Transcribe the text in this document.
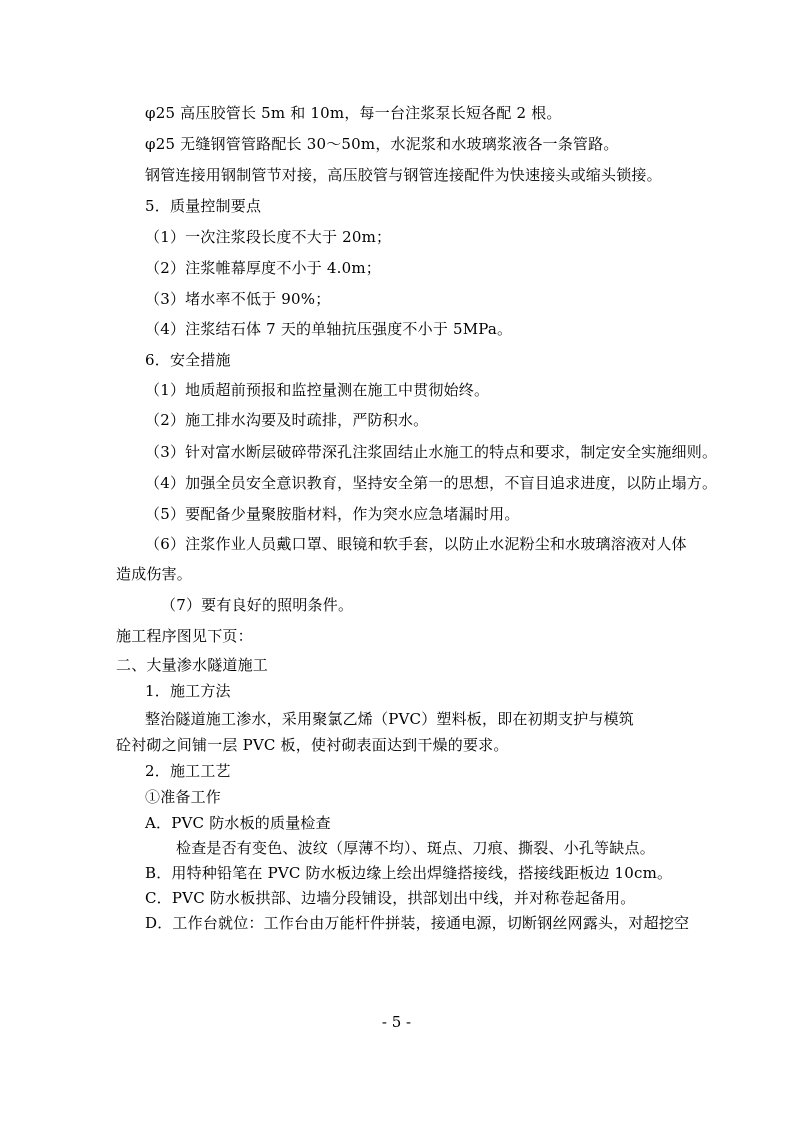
φ25 高压胶管长 5m 和 10m，每一台注浆泵长短各配 2 根。
φ25 无缝钢管管路配长 30～50m，水泥浆和水玻璃浆液各一条管路。
钢管连接用钢制管节对接，高压胶管与钢管连接配件为快速接头或缩头锁接。
5．质量控制要点
（1）一次注浆段长度不大于 20m；
（2）注浆帷幕厚度不小于 4.0m；
（3）堵水率不低于 90%；
（4）注浆结石体 7 天的单轴抗压强度不小于 5MPa。
6．安全措施
（1）地质超前预报和监控量测在施工中贯彻始终。
（2）施工排水沟要及时疏排，严防积水。
（3）针对富水断层破碎带深孔注浆固结止水施工的特点和要求，制定安全实施细则。
（4）加强全员安全意识教育，坚持安全第一的思想，不盲目追求进度，以防止塌方。
（5）要配备少量聚胺脂材料，作为突水应急堵漏时用。
（6）注浆作业人员戴口罩、眼镜和软手套，以防止水泥粉尘和水玻璃溶液对人体
造成伤害。
（7）要有良好的照明条件。
施工程序图见下页：
二、大量渗水隧道施工
1．施工方法
整治隧道施工渗水，采用聚氯乙烯（PVC）塑料板，即在初期支护与模筑
砼衬砌之间铺一层 PVC 板，使衬砌表面达到干燥的要求。
2．施工工艺
①准备工作
A．PVC 防水板的质量检查
检查是否有变色、波纹（厚薄不均）、斑点、刀痕、撕裂、小孔等缺点。
B．用特种铅笔在 PVC 防水板边缘上绘出焊缝搭接线，搭接线距板边 10cm。
C．PVC 防水板拱部、边墙分段铺设，拱部划出中线，并对称卷起备用。
D．工作台就位：工作台由万能杆件拼装，接通电源，切断钢丝网露头，对超挖空
- 5 -
